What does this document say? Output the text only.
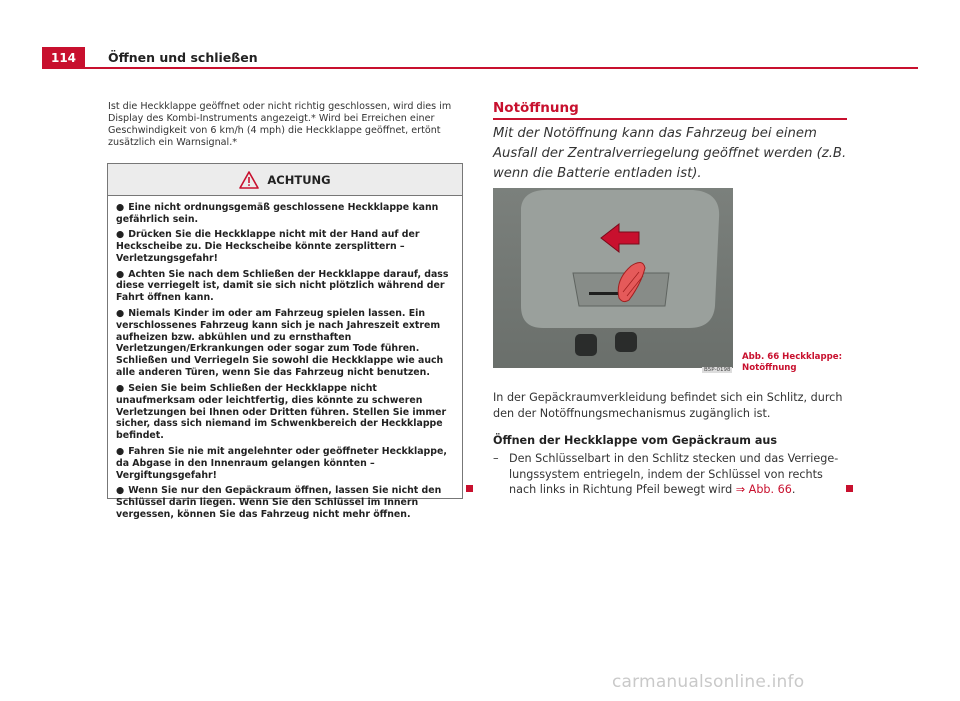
114	Öffnen und schließen
Ist die Heckklappe geöffnet oder nicht richtig geschlossen, wird dies im Display des Kombi-Instruments angezeigt.* Wird bei Erreichen einer Geschwindigkeit von 6 km/h (4 mph) die Heckklappe geöffnet, ertönt zusätzlich ein Warnsignal.*
ACHTUNG
● Eine nicht ordnungsgemäß geschlossene Heckklappe kann gefährlich sein.
● Drücken Sie die Heckklappe nicht mit der Hand auf der Heckscheibe zu. Die Heckscheibe könnte zersplittern – Verletzungsgefahr!
● Achten Sie nach dem Schließen der Heckklappe darauf, dass diese verriegelt ist, damit sie sich nicht plötzlich während der Fahrt öffnen kann.
● Niemals Kinder im oder am Fahrzeug spielen lassen. Ein verschlossenes Fahrzeug kann sich je nach Jahreszeit extrem aufheizen bzw. abkühlen und zu ernsthaften Verletzungen/Erkrankungen oder sogar zum Tode führen. Schließen und Verriegeln Sie sowohl die Heckklappe wie auch alle anderen Türen, wenn Sie das Fahrzeug nicht benutzen.
● Seien Sie beim Schließen der Heckklappe nicht unaufmerksam oder leichtfertig, dies könnte zu schweren Verletzungen bei Ihnen oder Dritten führen. Stellen Sie immer sicher, dass sich niemand im Schwenkbereich der Heckklappe befindet.
● Fahren Sie nie mit angelehnter oder geöffneter Heckklappe, da Abgase in den Innenraum gelangen könnten – Vergiftungsgefahr!
● Wenn Sie nur den Gepäckraum öffnen, lassen Sie nicht den Schlüssel darin liegen. Wenn Sie den Schlüssel im Innern vergessen, können Sie das Fahrzeug nicht mehr öffnen.
Notöffnung
Mit der Notöffnung kann das Fahrzeug bei einem Ausfall der Zentralverriegelung geöffnet werden (z.B. wenn die Batterie entladen ist).
B5P-0198
Abb. 66 Heckklappe: Notöffnung
In der Gepäckraumverkleidung befindet sich ein Schlitz, durch den der Notöffnungsmechanismus zugänglich ist.
Öffnen der Heckklappe vom Gepäckraum aus
– Den Schlüsselbart in den Schlitz stecken und das Verriegelungssystem entriegeln, indem der Schlüssel von rechts nach links in Richtung Pfeil bewegt wird ⇒ Abb. 66.
carmanualsonline.info
